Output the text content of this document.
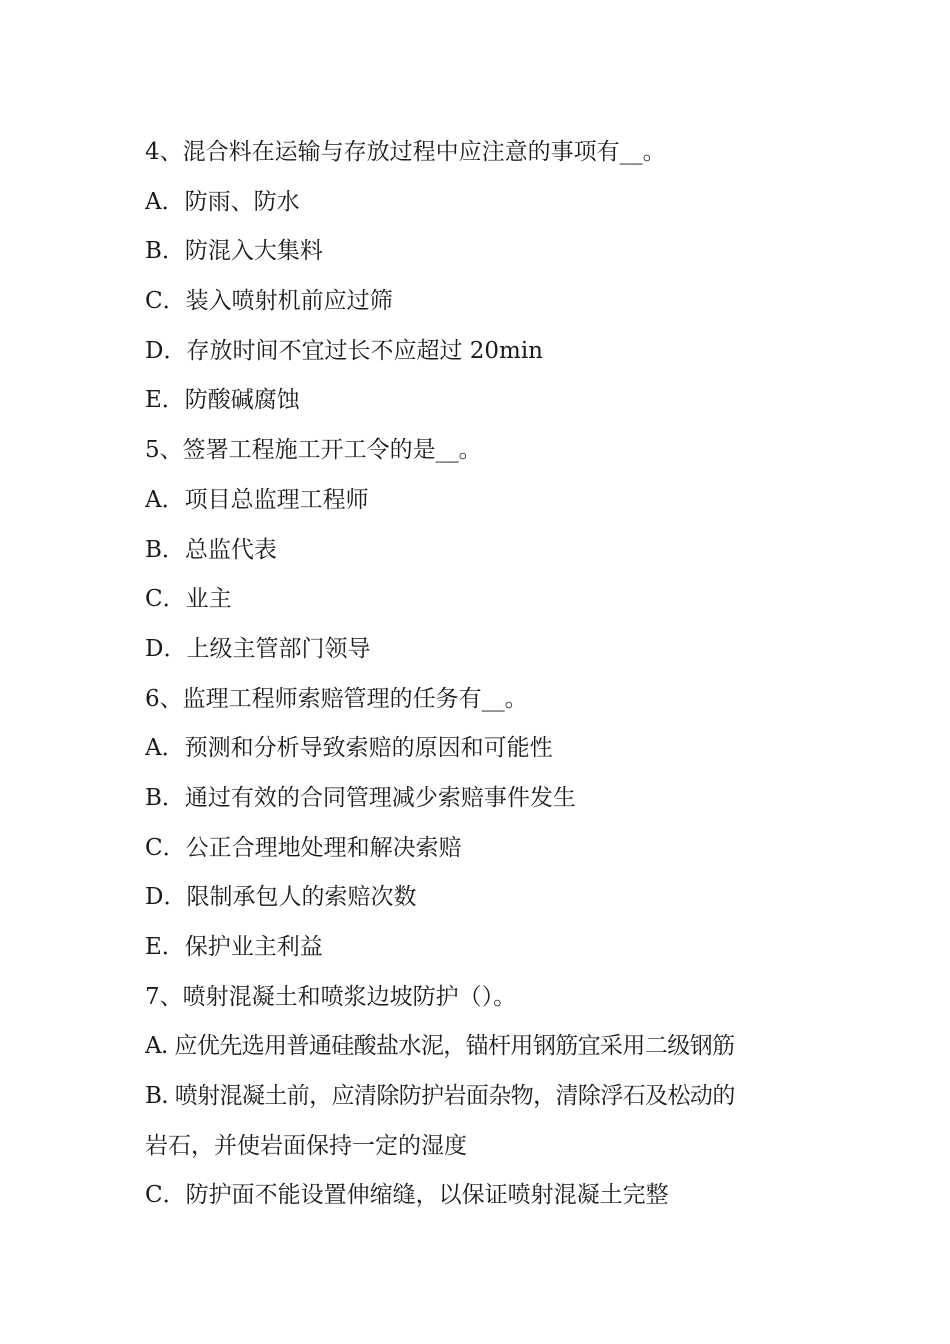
4、混合料在运输与存放过程中应注意的事项有__。
A．防雨、防水
B．防混入大集料
C．装入喷射机前应过筛
D．存放时间不宜过长不应超过 20min
E．防酸碱腐蚀
5、签署工程施工开工令的是__。
A．项目总监理工程师
B．总监代表
C．业主
D．上级主管部门领导
6、监理工程师索赔管理的任务有__。
A．预测和分析导致索赔的原因和可能性
B．通过有效的合同管理减少索赔事件发生
C．公正合理地处理和解决索赔
D．限制承包人的索赔次数
E．保护业主利益
7、喷射混凝土和喷浆边坡防护（）。
A. 应优先选用普通硅酸盐水泥，锚杆用钢筋宜采用二级钢筋
B. 喷射混凝土前，应清除防护岩面杂物，清除浮石及松动的
岩石，并使岩面保持一定的湿度
C．防护面不能设置伸缩缝，以保证喷射混凝土完整
